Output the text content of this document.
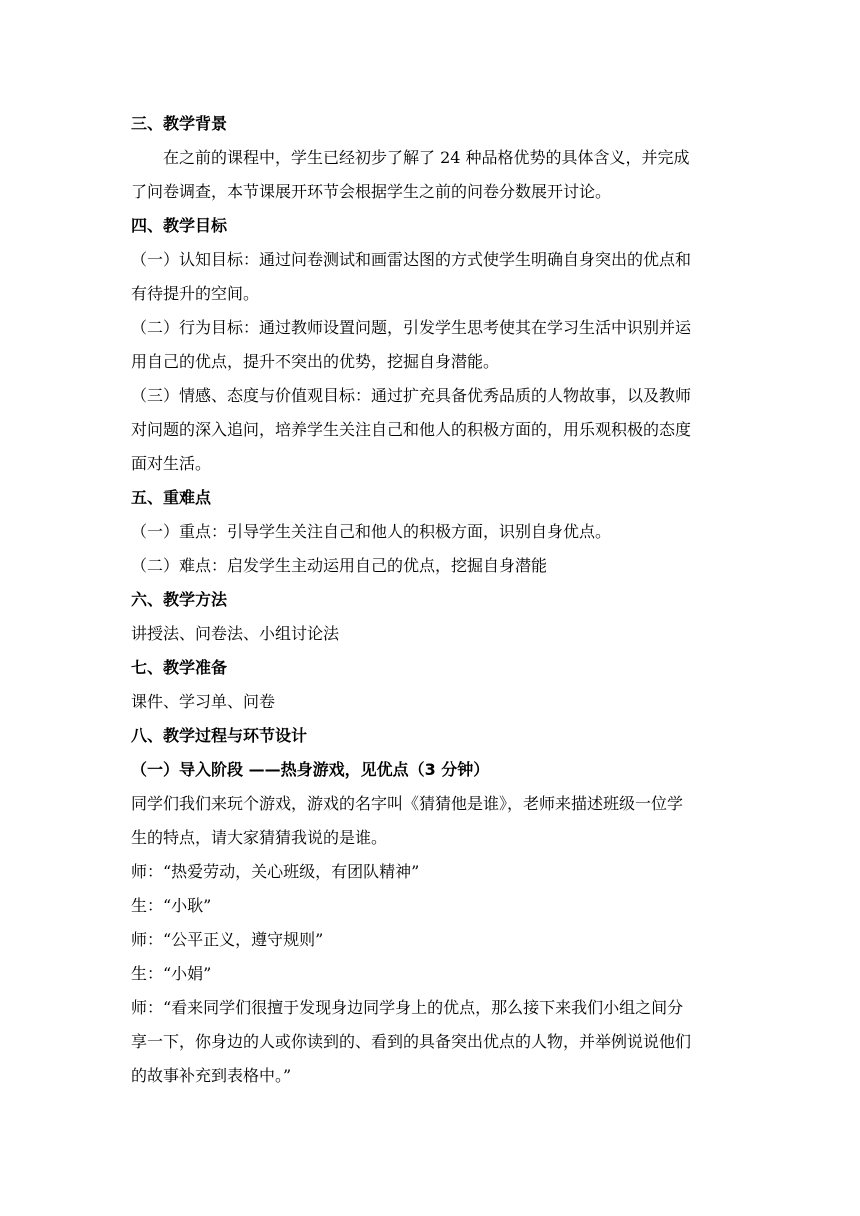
三、教学背景
在之前的课程中，学生已经初步了解了 24 种品格优势的具体含义，并完成
了问卷调查，本节课展开环节会根据学生之前的问卷分数展开讨论。
四、教学目标
（一）认知目标：通过问卷测试和画雷达图的方式使学生明确自身突出的优点和
有待提升的空间。
（二）行为目标：通过教师设置问题，引发学生思考使其在学习生活中识别并运
用自己的优点，提升不突出的优势，挖掘自身潜能。
（三）情感、态度与价值观目标：通过扩充具备优秀品质的人物故事，以及教师
对问题的深入追问，培养学生关注自己和他人的积极方面的，用乐观积极的态度
面对生活。
五、重难点
（一）重点：引导学生关注自己和他人的积极方面，识别自身优点。
（二）难点：启发学生主动运用自己的优点，挖掘自身潜能
六、教学方法
讲授法、问卷法、小组讨论法
七、教学准备
课件、学习单、问卷
八、教学过程与环节设计
（一）导入阶段 ——热身游戏，见优点（3 分钟）
同学们我们来玩个游戏，游戏的名字叫《猜猜他是谁》，老师来描述班级一位学
生的特点，请大家猜猜我说的是谁。
师：“热爱劳动，关心班级，有团队精神”
生：“小耿”
师：“公平正义，遵守规则”
生：“小娟”
师：“看来同学们很擅于发现身边同学身上的优点，那么接下来我们小组之间分
享一下，你身边的人或你读到的、看到的具备突出优点的人物，并举例说说他们
的故事补充到表格中。”
